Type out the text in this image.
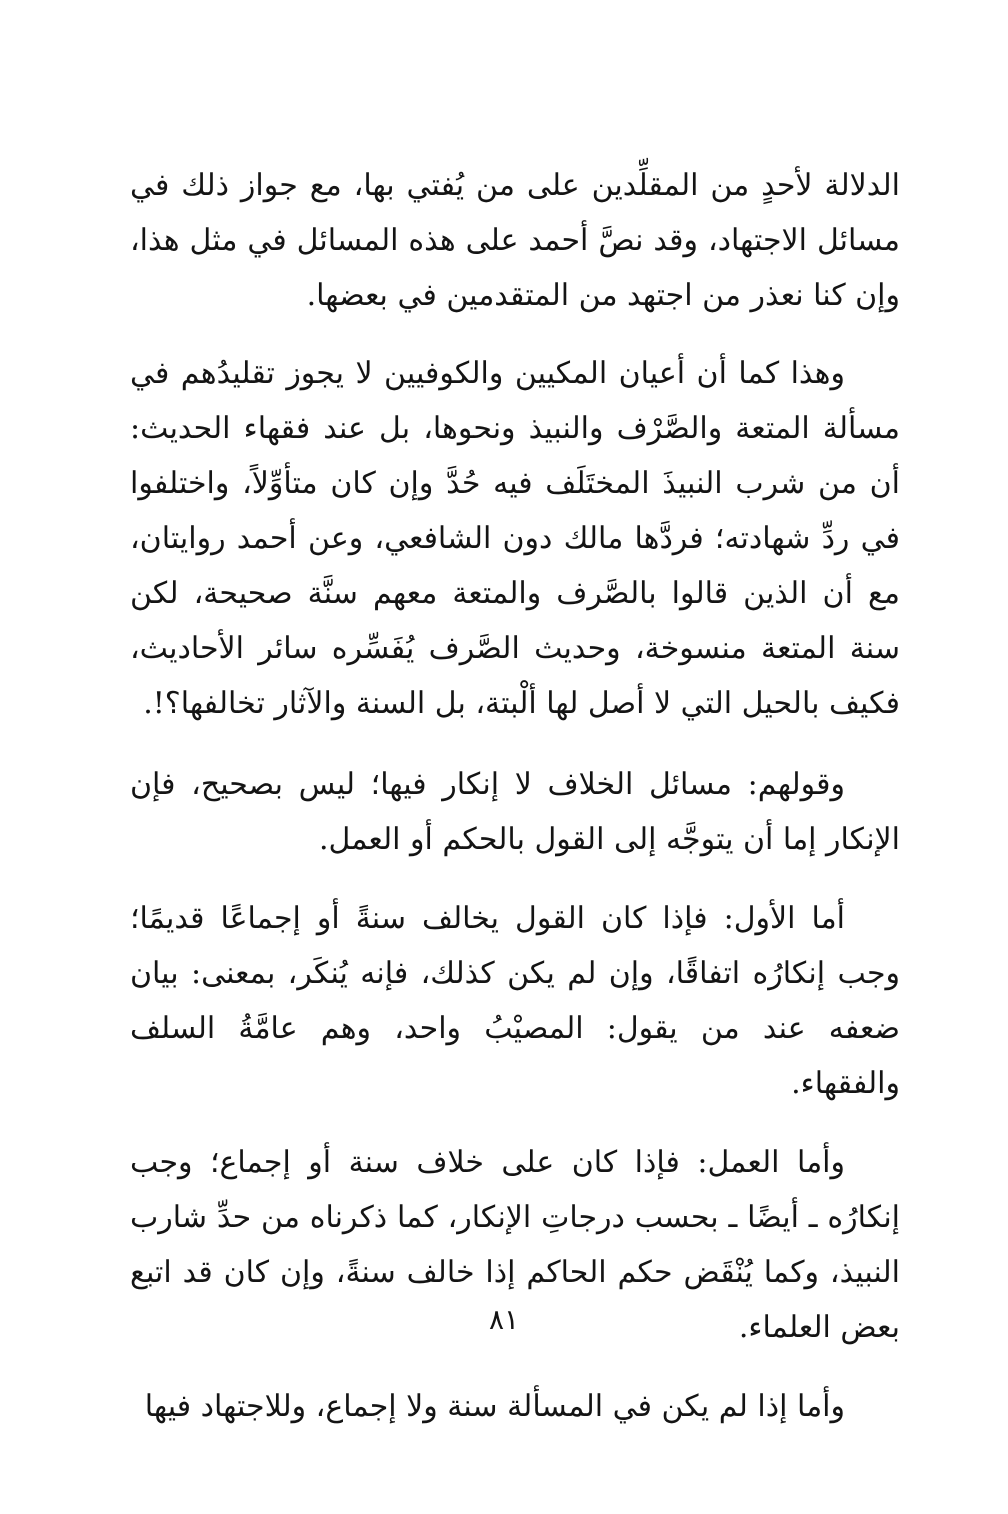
الدلالة لأحدٍ من المقلِّدين على من يُفتي بها، مع جواز ذلك في مسائل الاجتهاد، وقد نصَّ أحمد على هذه المسائل في مثل هذا، وإن كنا نعذر من اجتهد من المتقدمين في بعضها.

وهذا كما أن أعيان المكيين والكوفيين لا يجوز تقليدُهم في مسألة المتعة والصَّرْف والنبيذ ونحوها، بل عند فقهاء الحديث: أن من شرب النبيذَ المختَلَف فيه حُدَّ وإن كان متأوِّلاً، واختلفوا في ردِّ شهادته؛ فردَّها مالك دون الشافعي، وعن أحمد روايتان، مع أن الذين قالوا بالصَّرف والمتعة معهم سنَّة صحيحة، لكن سنة المتعة منسوخة، وحديث الصَّرف يُفَسِّره سائر الأحاديث، فكيف بالحيل التي لا أصل لها ألْبتة، بل السنة والآثار تخالفها؟!.

وقولهم: مسائل الخلاف لا إنكار فيها؛ ليس بصحيح، فإن الإنكار إما أن يتوجَّه إلى القول بالحكم أو العمل.

أما الأول: فإذا كان القول يخالف سنةً أو إجماعًا قديمًا؛ وجب إنكارُه اتفاقًا، وإن لم يكن كذلك، فإنه يُنكَر، بمعنى: بيان ضعفه عند من يقول: المصيْبُ واحد، وهم عامَّةُ السلف والفقهاء.

وأما العمل: فإذا كان على خلاف سنة أو إجماع؛ وجب إنكارُه ـ أيضًا ـ بحسب درجاتِ الإنكار، كما ذكرناه من حدِّ شارب النبيذ، وكما يُنْقَض حكم الحاكم إذا خالف سنةً، وإن كان قد اتبع بعض العلماء.

وأما إذا لم يكن في المسألة سنة ولا إجماع، وللاجتهاد فيها

٨١
